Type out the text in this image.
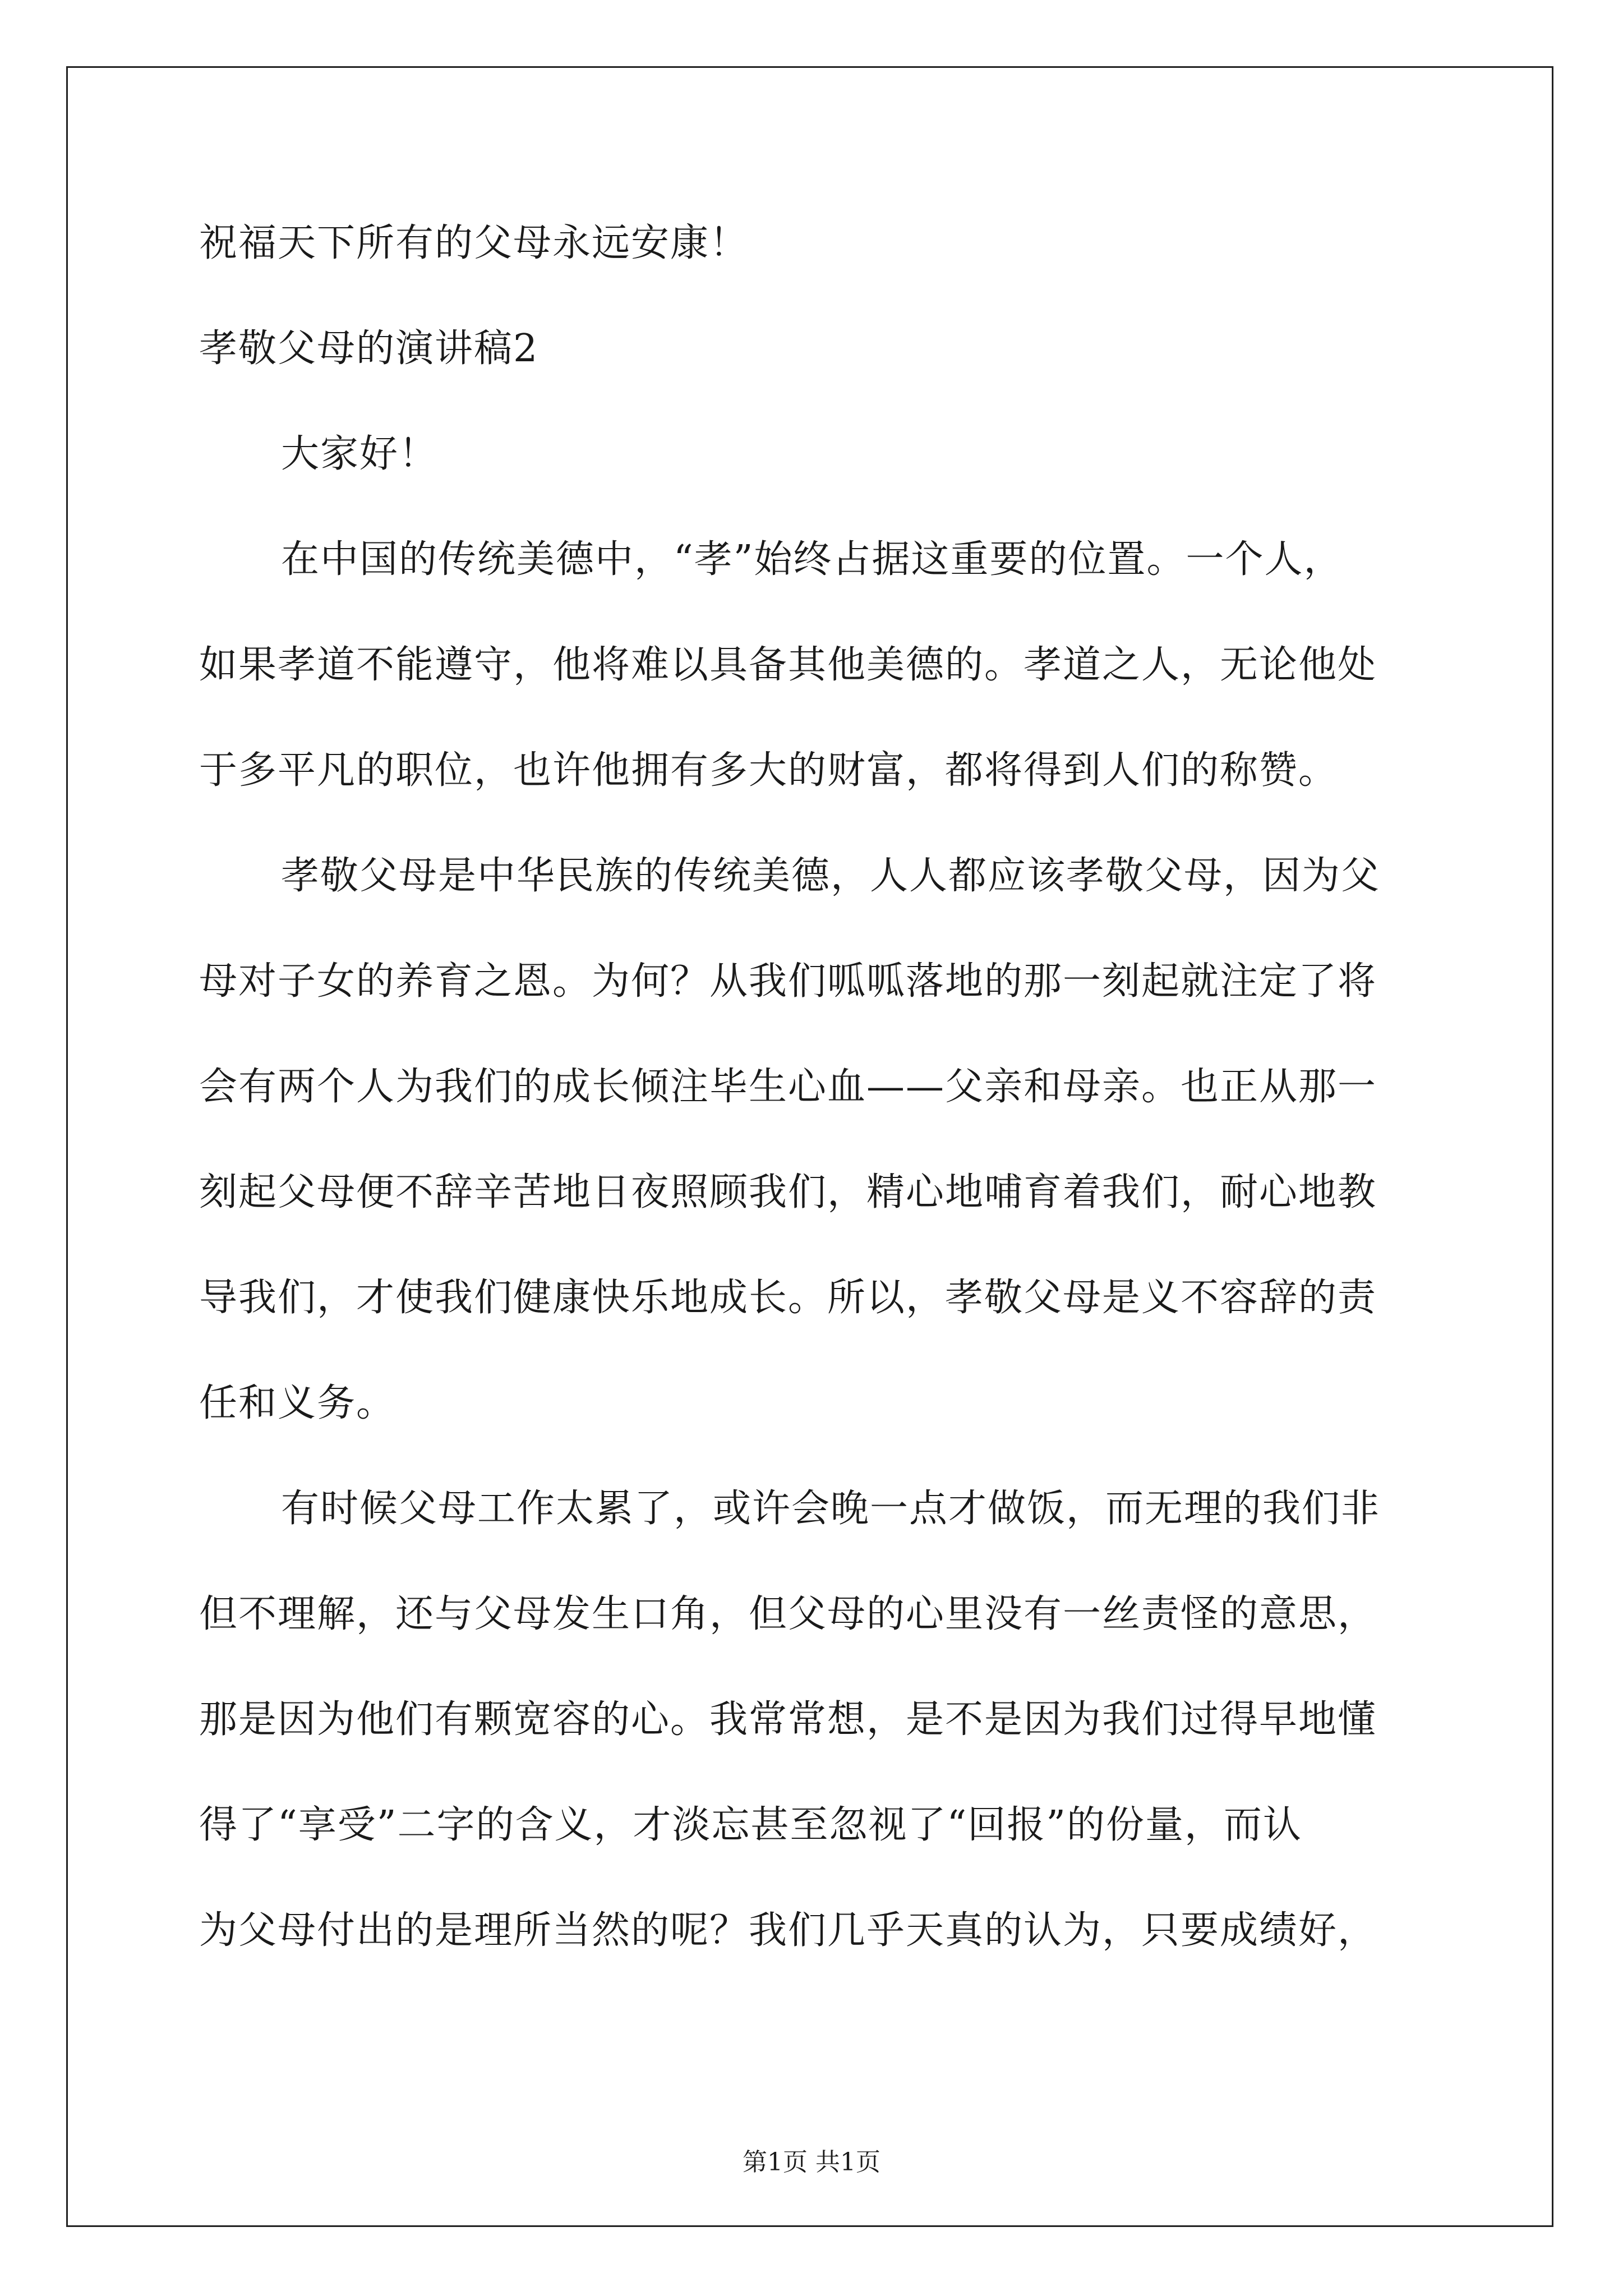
祝福天下所有的父母永远安康！
孝敬父母的演讲稿2
大家好！
在中国的传统美德中，“孝”始终占据这重要的位置。一个人，
如果孝道不能遵守，他将难以具备其他美德的。孝道之人，无论他处
于多平凡的职位，也许他拥有多大的财富，都将得到人们的称赞。
孝敬父母是中华民族的传统美德，人人都应该孝敬父母，因为父
母对子女的养育之恩。为何？从我们呱呱落地的那一刻起就注定了将
会有两个人为我们的成长倾注毕生心血——父亲和母亲。也正从那一
刻起父母便不辞辛苦地日夜照顾我们，精心地哺育着我们，耐心地教
导我们，才使我们健康快乐地成长。所以，孝敬父母是义不容辞的责
任和义务。
有时候父母工作太累了，或许会晚一点才做饭，而无理的我们非
但不理解，还与父母发生口角，但父母的心里没有一丝责怪的意思，
那是因为他们有颗宽容的心。我常常想，是不是因为我们过得早地懂
得了“享受”二字的含义，才淡忘甚至忽视了“回报”的份量，而认
为父母付出的是理所当然的呢？我们几乎天真的认为，只要成绩好，
第1页 共1页
